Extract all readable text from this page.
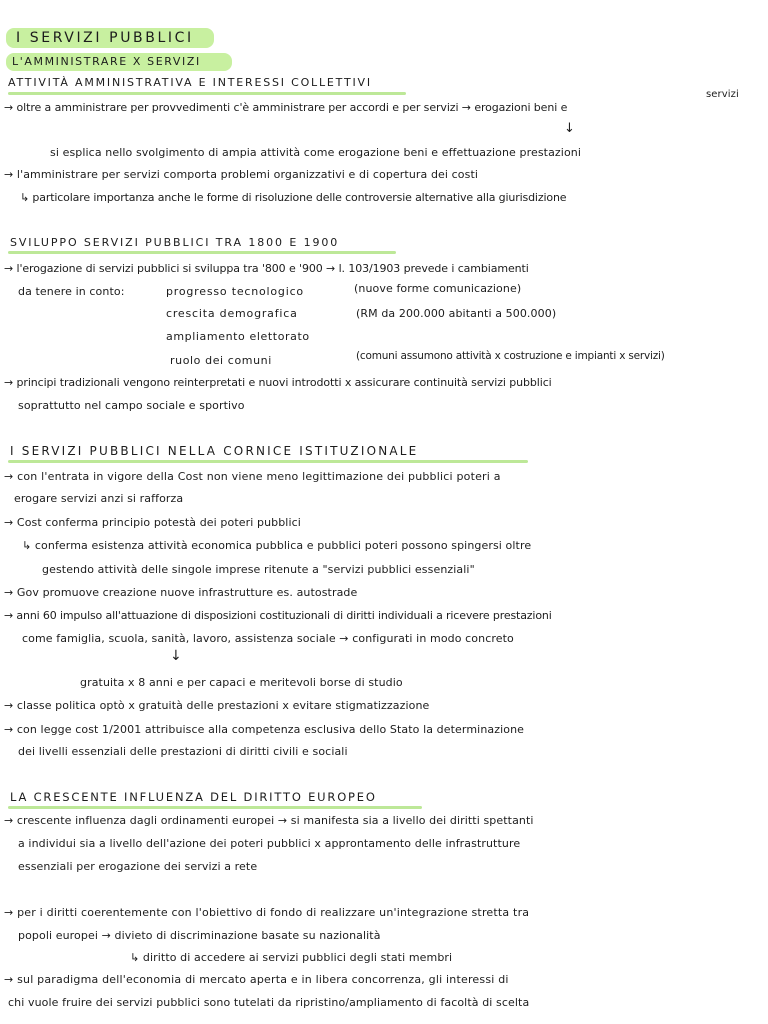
I SERVIZI PUBBLICI
L'AMMINISTRARE X SERVIZI
ATTIVITÀ AMMINISTRATIVA E INTERESSI COLLETTIVI
servizi
→ oltre a amministrare per provvedimenti c'è amministrare per accordi e per servizi → erogazioni beni e
↓
si esplica nello svolgimento di ampia attività come erogazione beni e effettuazione prestazioni
→ l'amministrare per servizi comporta problemi organizzativi e di copertura dei costi
↳ particolare importanza anche le forme di risoluzione delle controversie alternative alla giurisdizione
SVILUPPO SERVIZI PUBBLICI TRA 1800 E 1900
→ l'erogazione di servizi pubblici si sviluppa tra '800 e '900 → l. 103/1903 prevede i cambiamenti
da tenere in conto:	progresso tecnologico	(nuove forme comunicazione)
crescita demografica	(RM da 200.000 abitanti a 500.000)
ampliamento elettorato
ruolo dei comuni	(comuni assumono attività x costruzione e impianti x servizi)
→ principi tradizionali vengono reinterpretati e nuovi introdotti x assicurare continuità servizi pubblici
soprattutto nel campo sociale e sportivo
I SERVIZI PUBBLICI NELLA CORNICE ISTITUZIONALE
→ con l'entrata in vigore della Cost non viene meno legittimazione dei pubblici poteri a
erogare servizi anzi si rafforza
→ Cost conferma principio potestà dei poteri pubblici
↳ conferma esistenza attività economica pubblica e pubblici poteri possono spingersi oltre
gestendo attività delle singole imprese ritenute a "servizi pubblici essenziali"
→ Gov promuove creazione nuove infrastrutture es. autostrade
→ anni 60 impulso all'attuazione di disposizioni costituzionali di diritti individuali a ricevere prestazioni
come famiglia, scuola, sanità, lavoro, assistenza sociale → configurati in modo concreto
↓
gratuita x 8 anni e per capaci e meritevoli borse di studio
→ classe politica optò x gratuità delle prestazioni x evitare stigmatizzazione
→ con legge cost 1/2001 attribuisce alla competenza esclusiva dello Stato la determinazione
dei livelli essenziali delle prestazioni di diritti civili e sociali
LA CRESCENTE INFLUENZA DEL DIRITTO EUROPEO
→ crescente influenza dagli ordinamenti europei → si manifesta sia a livello dei diritti spettanti
a individui sia a livello dell'azione dei poteri pubblici x approntamento delle infrastrutture
essenziali per erogazione dei servizi a rete
→ per i diritti coerentemente con l'obiettivo di fondo di realizzare un'integrazione stretta tra
popoli europei → divieto di discriminazione basate su nazionalità
↳ diritto di accedere ai servizi pubblici degli stati membri
→ sul paradigma dell'economia di mercato aperta e in libera concorrenza, gli interessi di
chi vuole fruire dei servizi pubblici sono tutelati da ripristino/ampliamento di facoltà di scelta
